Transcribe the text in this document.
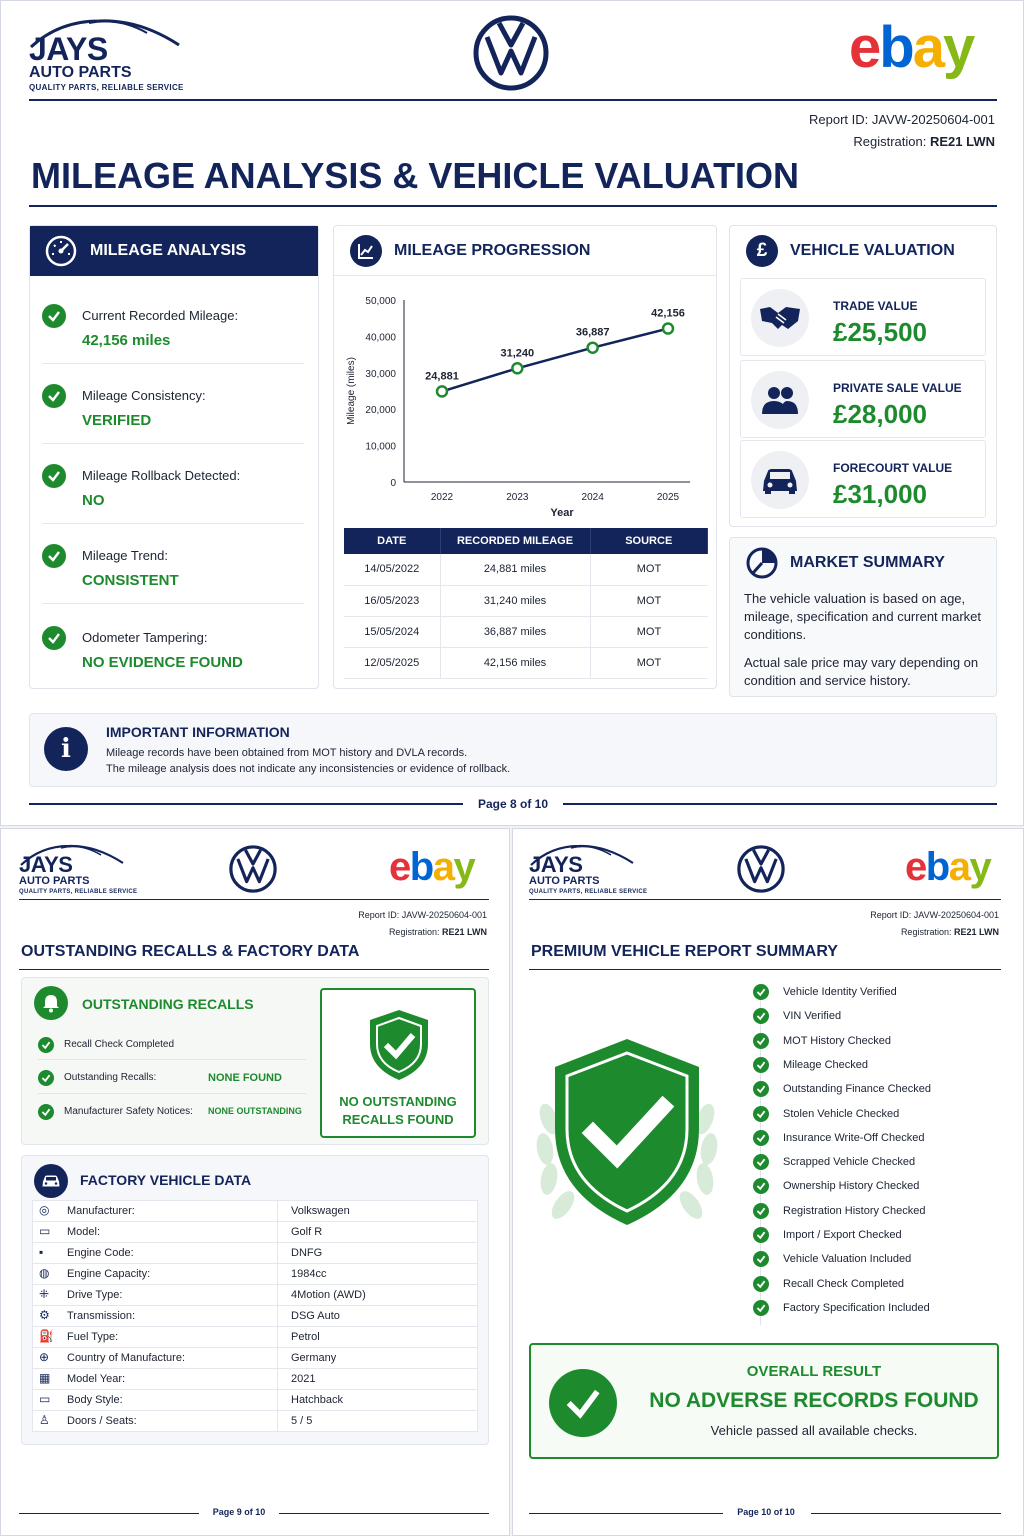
JAYS
AUTO PARTS
QUALITY PARTS, RELIABLE SERVICE
ebay
Report ID: JAVW-20250604-001
Registration: RE21 LWN
MILEAGE ANALYSIS & VEHICLE VALUATION
MILEAGE ANALYSIS
Current Recorded Mileage:
42,156 miles
Mileage Consistency:
VERIFIED
Mileage Rollback Detected:
NO
Mileage Trend:
CONSISTENT
Odometer Tampering:
NO EVIDENCE FOUND
MILEAGE PROGRESSION
0
10,000
20,000
30,000
40,000
50,000
2022	2023	2024	2025
Year
Mileage (miles)	24,881
31,240
36,887
42,156
DATE	RECORDED MILEAGE	SOURCE
14/05/2022	24,881 miles	MOT
16/05/2023	31,240 miles	MOT
15/05/2024	36,887 miles	MOT
12/05/2025	42,156 miles	MOT
£ VEHICLE VALUATION
TRADE VALUE
£25,500
PRIVATE SALE VALUE
£28,000
FORECOURT VALUE
£31,000
MARKET SUMMARY
The vehicle valuation is based on age, mileage, specification and current market conditions.
Actual sale price may vary depending on condition and service history.
i
IMPORTANT INFORMATION
Mileage records have been obtained from MOT history and DVLA records.
The mileage analysis does not indicate any inconsistencies or evidence of rollback.
Page 8 of 10
JAYS
AUTO PARTS
QUALITY PARTS, RELIABLE SERVICE
ebay
Report ID: JAVW-20250604-001
Registration: RE21 LWN
OUTSTANDING RECALLS & FACTORY DATA
OUTSTANDING RECALLS
Recall Check Completed
Outstanding Recalls:	NONE FOUND
Manufacturer Safety Notices: NONE OUTSTANDING
NO OUTSTANDING
RECALLS FOUND
FACTORY VEHICLE DATA
◎	Manufacturer:	Volkswagen
▭ Model:	Golf R
▪	Engine Code:	DNFG
◍	Engine Capacity:	1984cc
⁜	Drive Type:	4Motion (AWD)
⚙ Transmission:	DSG Auto
⛽ Fuel Type:	Petrol
⊕	Country of Manufacture:	Germany
▦ Model Year:	2021
▭ Body Style:	Hatchback
♙ Doors / Seats:	5 / 5
Page 9 of 10
JAYS
AUTO PARTS
QUALITY PARTS, RELIABLE SERVICE
ebay
Report ID: JAVW-20250604-001
Registration: RE21 LWN
PREMIUM VEHICLE REPORT SUMMARY
Vehicle Identity Verified
VIN Verified
MOT History Checked
Mileage Checked
Outstanding Finance Checked
Stolen Vehicle Checked
Insurance Write-Off Checked
Scrapped Vehicle Checked
Ownership History Checked
Registration History Checked
Import / Export Checked
Vehicle Valuation Included
Recall Check Completed
Factory Specification Included
OVERALL RESULT
NO ADVERSE RECORDS FOUND
Vehicle passed all available checks.
Page 10 of 10
